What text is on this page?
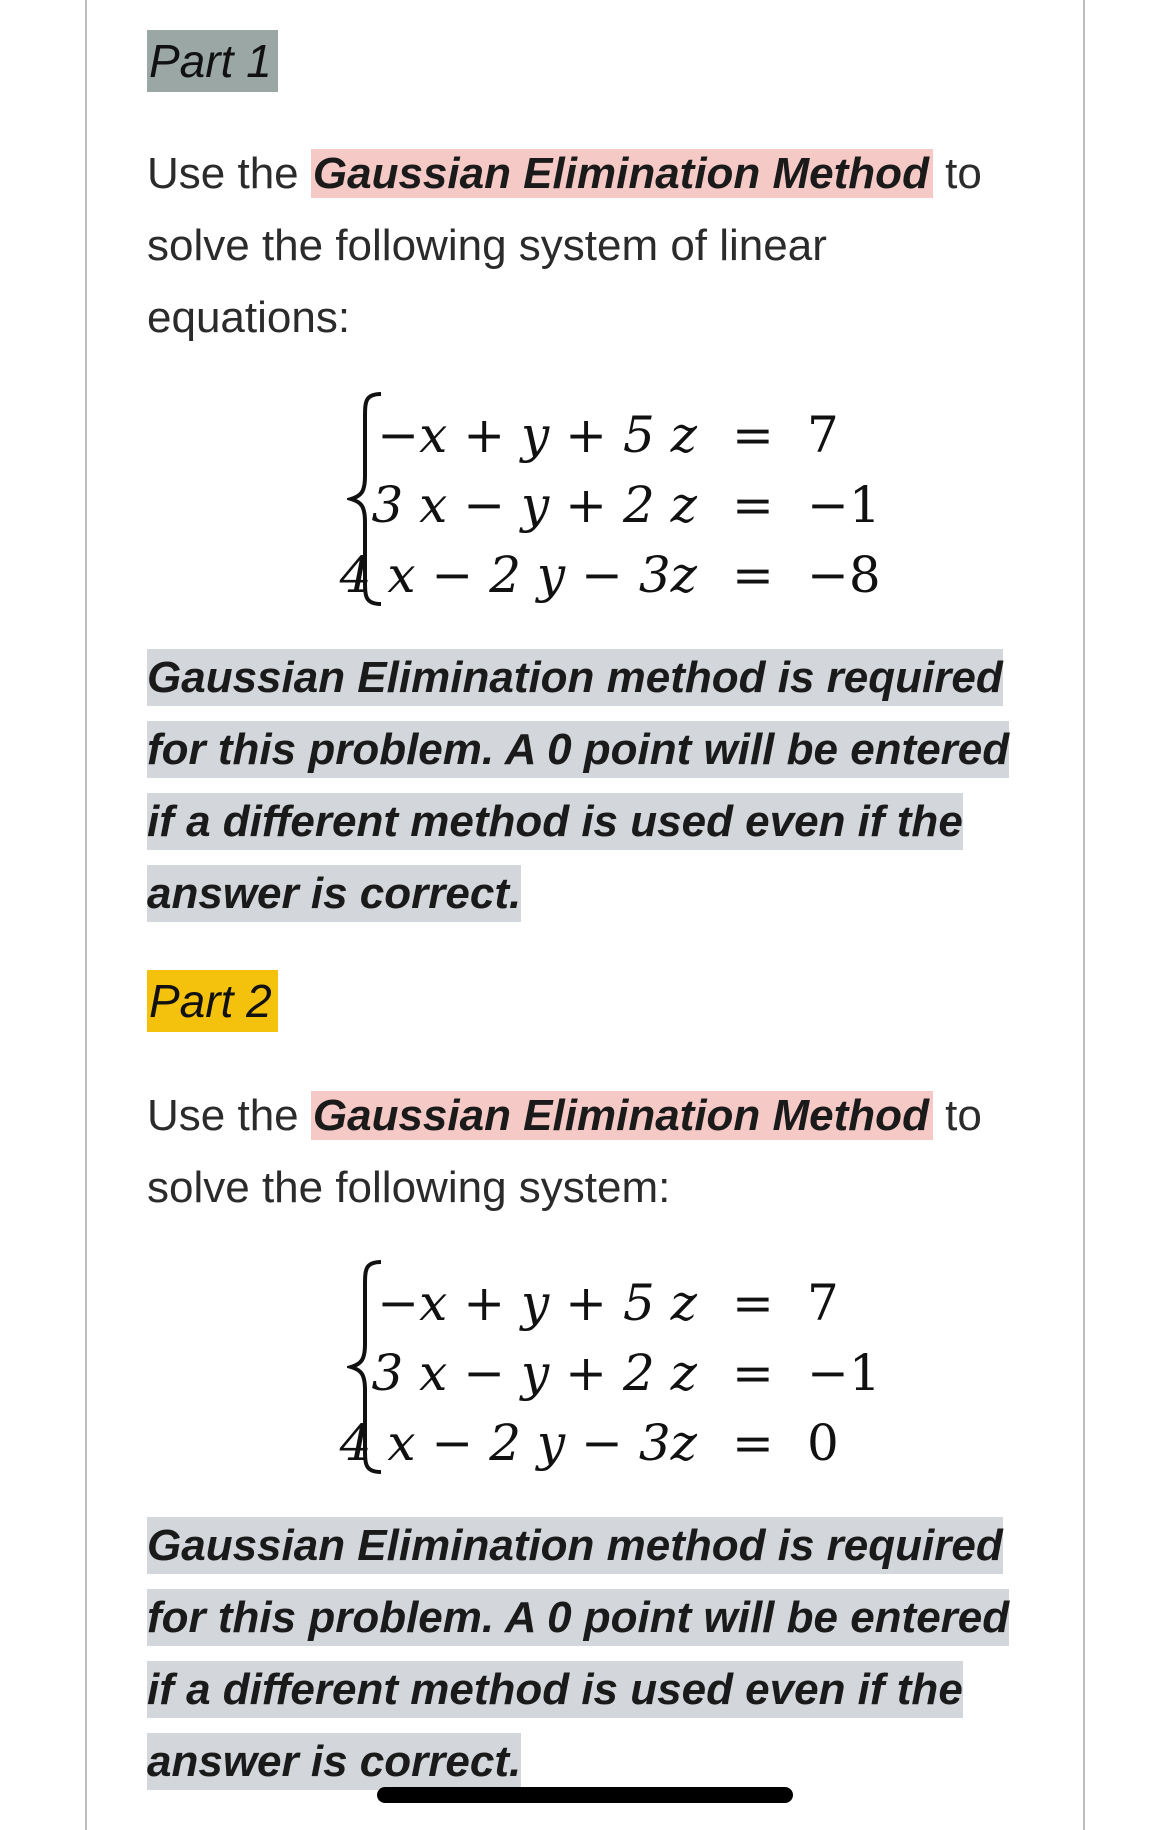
Part 1
Use the Gaussian Elimination Method to solve the following system of linear equations:
−x + y + 5 z = 7
3 x − y + 2 z = −1
4 x − 2 y − 3z = −8
Gaussian Elimination method is required for this problem. A 0 point will be entered if a different method is used even if the answer is correct.
Part 2
Use the Gaussian Elimination Method to solve the following system:
−x + y + 5 z = 7
3 x − y + 2 z = −1
4 x − 2 y − 3z = 0
Gaussian Elimination method is required for this problem. A 0 point will be entered if a different method is used even if the answer is correct.
